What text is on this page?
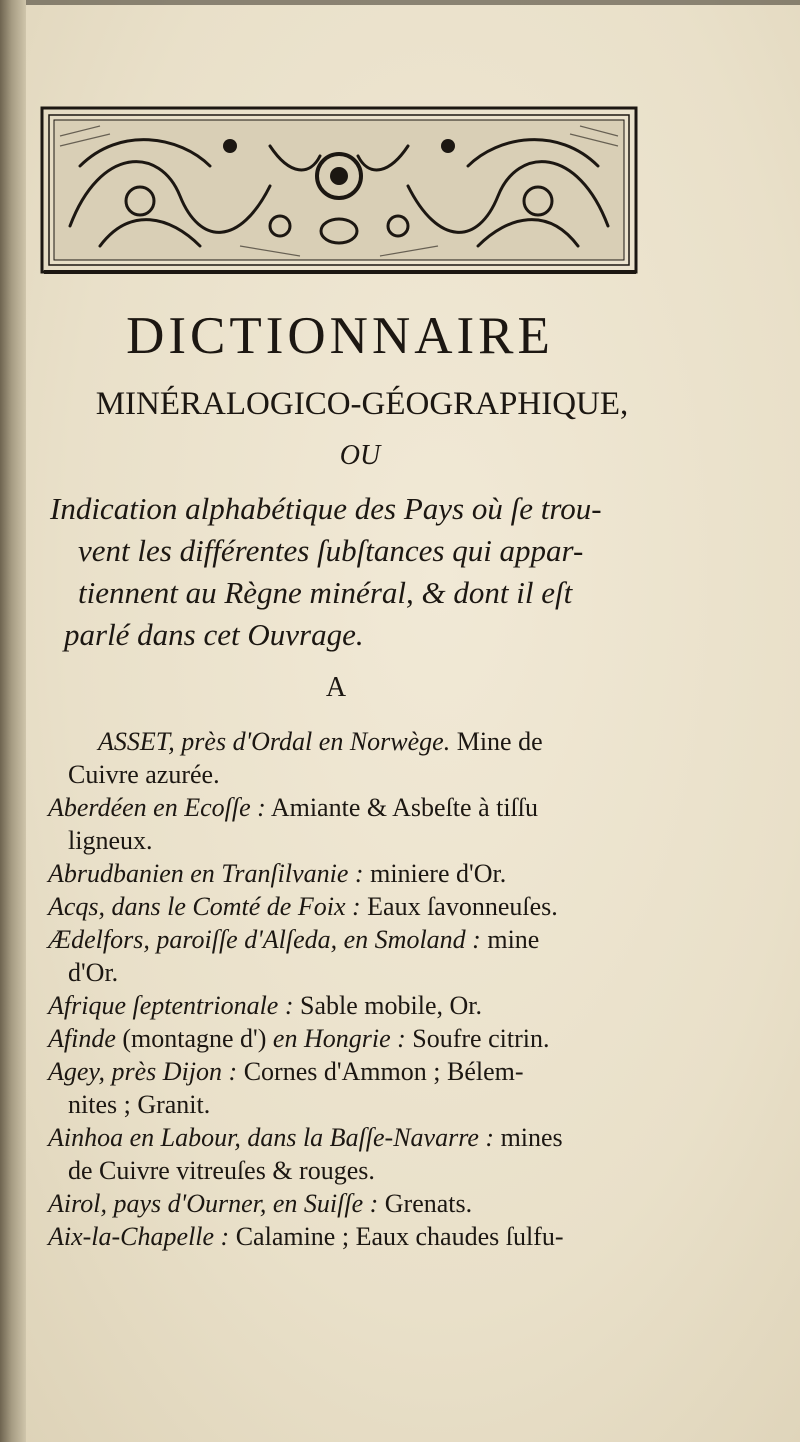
DICTIONNAIRE
MINÉRALOGICO-GÉOGRAPHIQUE,
OU
Indication alphabétique des Pays où ſe trou-
vent les différentes ſubſtances qui appar-
tiennent au Règne minéral, & dont il eſt
parlé dans cet Ouvrage.
A
ASSET, près d'Ordal en Norwège. Mine de
Cuivre azurée.
Aberdéen en Ecoſſe : Amiante & Asbeſte à tiſſu
ligneux.
Abrudbanien en Tranſilvanie : miniere d'Or.
Acqs, dans le Comté de Foix : Eaux ſavonneuſes.
Ædelfors, paroiſſe d'Alſeda, en Smoland : mine
d'Or.
Afrique ſeptentrionale : Sable mobile, Or.
Afinde (montagne d') en Hongrie : Soufre citrin.
Agey, près Dijon : Cornes d'Ammon ; Bélem-
nites ; Granit.
Ainhoa en Labour, dans la Baſſe-Navarre : mines
de Cuivre vitreuſes & rouges.
Airol, pays d'Ourner, en Suiſſe : Grenats.
Aix-la-Chapelle : Calamine ; Eaux chaudes ſulfu-
